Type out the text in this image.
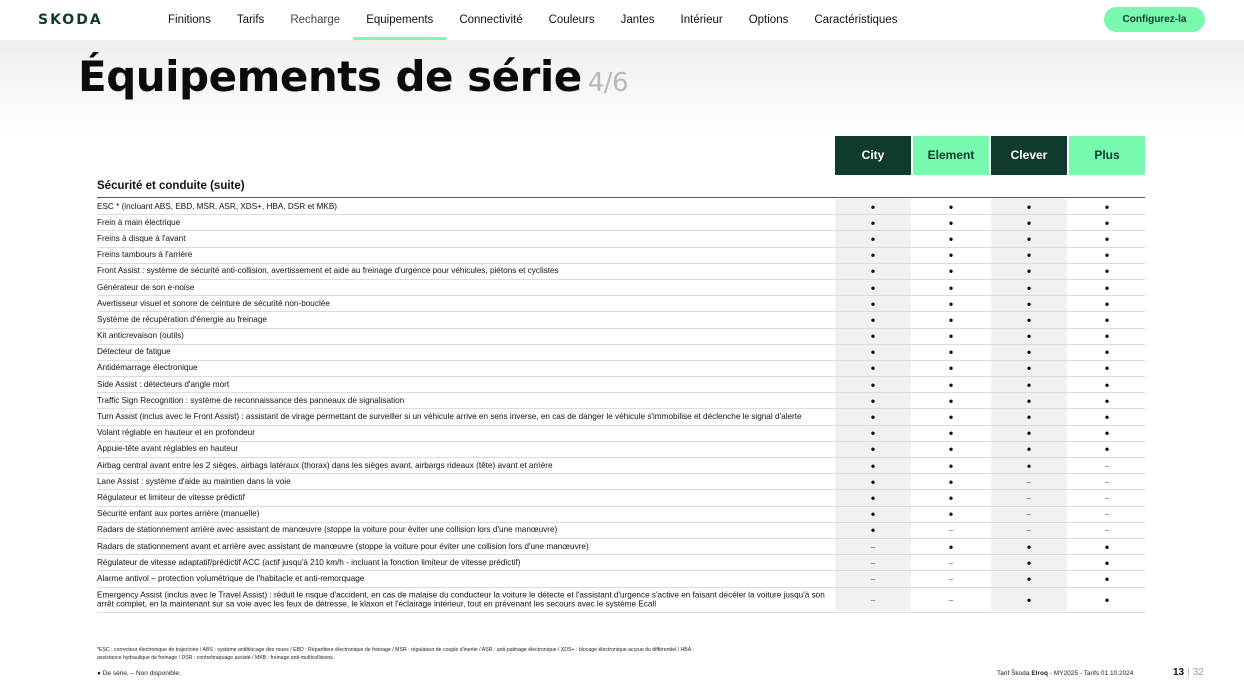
SKODA	Finitions	Tarifs	Recharge	Equipements	Connectivité	Couleurs	Jantes	Intérieur	Options	Caractéristiques	Configurez-la
Équipements de série 4/6
City	Element	Clever	Plus
Sécurité et conduite (suite)
ESC * (incluant ABS, EBD, MSR, ASR, XDS+, HBA, DSR et MKB)	●	●	●	●
Frein à main électrique	●	●	●	●
Freins à disque à l'avant	●	●	●	●
Freins tambours à l'arrière	●	●	●	●
Front Assist : système de sécurité anti-collision, avertissement et aide au freinage d'urgence pour véhicules, piétons et cyclistes	●	●	●	●
Générateur de son e-noise	●	●	●	●
Avertisseur visuel et sonore de ceinture de sécurité non-bouclée	●	●	●	●
Système de récupération d'énergie au freinage	●	●	●	●
Kit anticrevaison (outils)	●	●	●	●
Détecteur de fatigue	●	●	●	●
Antidémarrage électronique	●	●	●	●
Side Assist : détecteurs d'angle mort	●	●	●	●
Traffic Sign Recognition : système de reconnaissance des panneaux de signalisation	●	●	●	●
Turn Assist (inclus avec le Front Assist) : assistant de virage permettant de surveiller si un véhicule arrive en sens inverse, en cas de danger le véhicule s'immobilise et déclenche le signal d'alerte	●	●	●	●
Volant réglable en hauteur et en profondeur	●	●	●	●
Appuie-tête avant réglables en hauteur	●	●	●	●
Airbag central avant entre les 2 sièges, airbags latéraux (thorax) dans les sièges avant, airbargs rideaux (tête) avant et arrière	●	●	●	–
Lane Assist : système d'aide au maintien dans la voie	●	●	–	–
Régulateur et limiteur de vitesse prédictif	●	●	–	–
Sécurité enfant aux portes arrière (manuelle)	●	●	–	–
Radars de stationnement arrière avec assistant de manœuvre (stoppe la voiture pour éviter une collision lors d'une manœuvre)	●	–	–	–
Radars de stationnement avant et arrière avec assistant de manœuvre (stoppe la voiture pour éviter une collision lors d'une manœuvre)	–	●	●	●
Régulateur de vitesse adaptatif/prédictif ACC (actif jusqu'à 210 km/h - incluant la fonction limiteur de vitesse prédictif)	–	–	●	●
Alarme antivol – protection volumétrique de l'habitacle et anti-remorquage	–	–	●	●
Emergency Assist (inclus avec le Travel Assist) : réduit le risque d'accident, en cas de malaise du conducteur la voiture le détecte et l'assistant d'urgence s'active en faisant décéler la voiture jusqu'à son arrêt complet, en la maintenant sur sa voie avec les feux de détresse, le klaxon et l'éclairage intérieur, tout en prévenant les secours avec le système Ecall	–	–	●	●
*ESC : correcteur électronique de trajectoire / ABS : système antiblocage des roues / EBD : Répartiteur électronique de freinage / MSR : régulateur de couple d'inertie / ASR : anti-patinage électronique / XDS+ : blocage électronique accrue du différentiel / HBA : assistance hydraulique de freinage / DSR : contrebraquage assisté / MKB : freinage anti-multicollisions.
● De série, – Non disponible.	Tarif Škoda Elroq - MY2025 - Tarifs 01.10.2024	13 | 32
